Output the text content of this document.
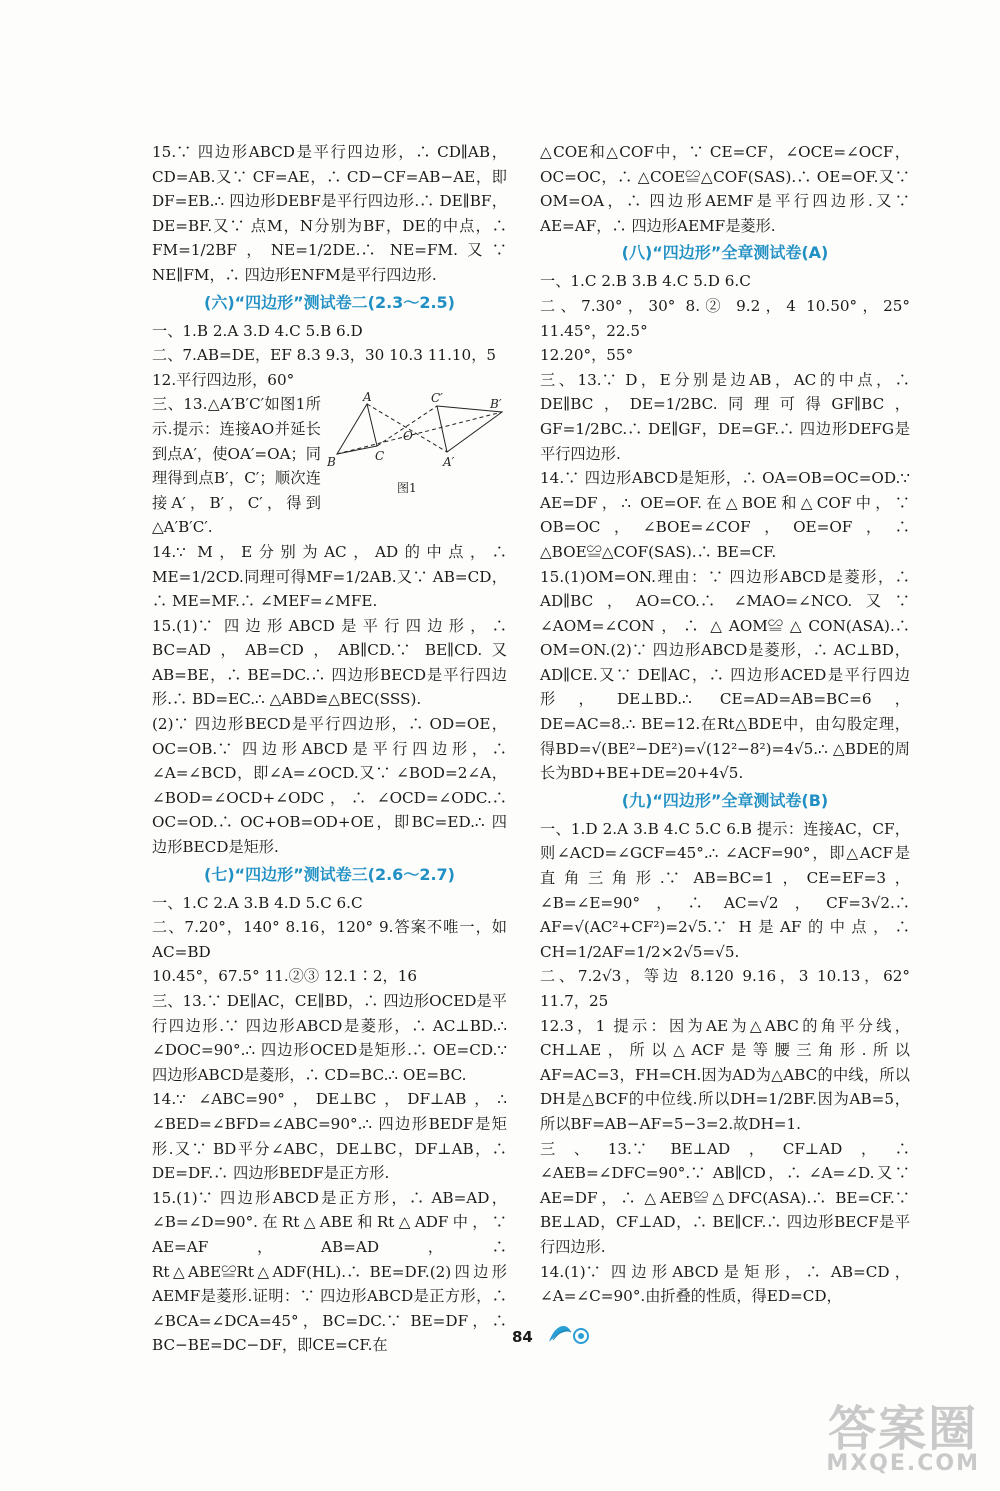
15.∵ 四边形ABCD是平行四边形，∴ CD∥AB，CD=AB.又∵ CF=AE，∴ CD−CF=AB−AE，即DF=EB.∴ 四边形DEBF是平行四边形.∴ DE∥BF，DE=BF.又∵ 点M，N分别为BF，DE的中点，∴ FM=1/2BF，NE=1/2DE.∴ NE=FM.又∵ NE∥FM，∴ 四边形ENFM是平行四边形.

(六)“四边形”测试卷二(2.3～2.5)

一、1.B 2.A 3.D 4.C 5.B 6.D

二、7.AB=DE，EF 8.3 9.3，30 10.3 11.10，5

12.平行四边形，60°

三、13.△A′B′C′如图1所示.提示：连接AO并延长到点A′，使OA′=OA；同理得到点B′，C′；顺次连接A′，B′，C′，得到△A′B′C′.

A
B	C
O
C′	B′
A′
图1

14.∵ M，E分别为AC，AD的中点，∴ ME=1/2CD.同理可得MF=1/2AB.又∵ AB=CD，∴ ME=MF.∴ ∠MEF=∠MFE.

15.(1)∵ 四边形ABCD是平行四边形，∴ BC=AD，AB=CD，AB∥CD.∵ BE∥CD.又AB=BE，∴ BE=DC.∴ 四边形BECD是平行四边形.∴ BD=EC.∴ △ABD≌△BEC(SSS).

(2)∵ 四边形BECD是平行四边形，∴ OD=OE，OC=OB.∵ 四边形ABCD是平行四边形，∴ ∠A=∠BCD，即∠A=∠OCD.又∵ ∠BOD=2∠A，∠BOD=∠OCD+∠ODC，∴ ∠OCD=∠ODC.∴ OC=OD.∴ OC+OB=OD+OE，即BC=ED.∴ 四边形BECD是矩形.

(七)“四边形”测试卷三(2.6～2.7)

一、1.C 2.A 3.B 4.D 5.C 6.C

二、7.20°，140° 8.16，120° 9.答案不唯一，如AC=BD

10.45°，67.5° 11.②③ 12.1∶2，16

三、13.∵ DE∥AC，CE∥BD，∴ 四边形OCED是平行四边形.∵ 四边形ABCD是菱形，∴ AC⊥BD.∴ ∠DOC=90°.∴ 四边形OCED是矩形.∴ OE=CD.∵ 四边形ABCD是菱形，∴ CD=BC.∴ OE=BC.

14.∵ ∠ABC=90°，DE⊥BC，DF⊥AB，∴ ∠BED=∠BFD=∠ABC=90°.∴ 四边形BEDF是矩形.又∵ BD平分∠ABC，DE⊥BC，DF⊥AB，∴ DE=DF.∴ 四边形BEDF是正方形.

15.(1)∵ 四边形ABCD是正方形，∴ AB=AD，∠B=∠D=90°.在Rt△ABE和Rt△ADF中，∵ AE=AF，AB=AD，∴ Rt△ABE≌Rt△ADF(HL).∴ BE=DF.(2)四边形AEMF是菱形.证明：∵ 四边形ABCD是正方形，∴ ∠BCA=∠DCA=45°，BC=DC.∵ BE=DF，∴ BC−BE=DC−DF，即CE=CF.在

△COE和△COF中，∵ CE=CF，∠OCE=∠OCF，OC=OC，∴ △COE≌△COF(SAS).∴ OE=OF.又∵ OM=OA，∴ 四边形AEMF是平行四边形.又∵ AE=AF，∴ 四边形AEMF是菱形.

(八)“四边形”全章测试卷(A)

一、1.C 2.B 3.B 4.C 5.D 6.C

二、7.30°，30° 8.② 9.2，4 10.50°，25° 11.45°，22.5°

12.20°，55°

三、13.∵ D，E分别是边AB，AC的中点，∴ DE∥BC，DE=1/2BC.同理可得GF∥BC，GF=1/2BC.∴ DE∥GF，DE=GF.∴ 四边形DEFG是平行四边形.

14.∵ 四边形ABCD是矩形，∴ OA=OB=OC=OD.∵ AE=DF，∴ OE=OF.在△BOE和△COF中，∵ OB=OC，∠BOE=∠COF，OE=OF，∴ △BOE≌△COF(SAS).∴ BE=CF.

15.(1)OM=ON.理由：∵ 四边形ABCD是菱形，∴ AD∥BC，AO=CO.∴ ∠MAO=∠NCO.又∵ ∠AOM=∠CON，∴ △AOM≌△CON(ASA).∴ OM=ON.(2)∵ 四边形ABCD是菱形，∴ AC⊥BD，AD∥CE.又∵ DE∥AC，∴ 四边形ACED是平行四边形，DE⊥BD.∴ CE=AD=AB=BC=6，DE=AC=8.∴ BE=12.在Rt△BDE中，由勾股定理，得BD=√(BE²−DE²)=√(12²−8²)=4√5.∴ △BDE的周长为BD+BE+DE=20+4√5.

(九)“四边形”全章测试卷(B)

一、1.D 2.A 3.B 4.C 5.C 6.B 提示：连接AC，CF，则∠ACD=∠GCF=45°.∴ ∠ACF=90°，即△ACF是直角三角形.∵ AB=BC=1，CE=EF=3，∠B=∠E=90°，∴ AC=√2，CF=3√2.∴ AF=√(AC²+CF²)=2√5.∵ H是AF的中点，∴ CH=1/2AF=1/2×2√5=√5.

二、7.2√3，等边 8.120 9.16，3 10.13，62° 11.7，25

12.3，1 提示：因为AE为△ABC的角平分线，CH⊥AE，所以△ACF是等腰三角形.所以AF=AC=3，FH=CH.因为AD为△ABC的中线，所以DH是△BCF的中位线.所以DH=1/2BF.因为AB=5，所以BF=AB−AF=5−3=2.故DH=1.

三、13.∵ BE⊥AD，CF⊥AD，∴ ∠AEB=∠DFC=90°.∵ AB∥CD，∴ ∠A=∠D.又∵ AE=DF，∴ △AEB≌△DFC(ASA).∴ BE=CF.∵ BE⊥AD，CF⊥AD，∴ BE∥CF.∴ 四边形BECF是平行四边形.

14.(1)∵ 四边形ABCD是矩形，∴ AB=CD，∠A=∠C=90°.由折叠的性质，得ED=CD，

84
答案圈
MXQE.COM
